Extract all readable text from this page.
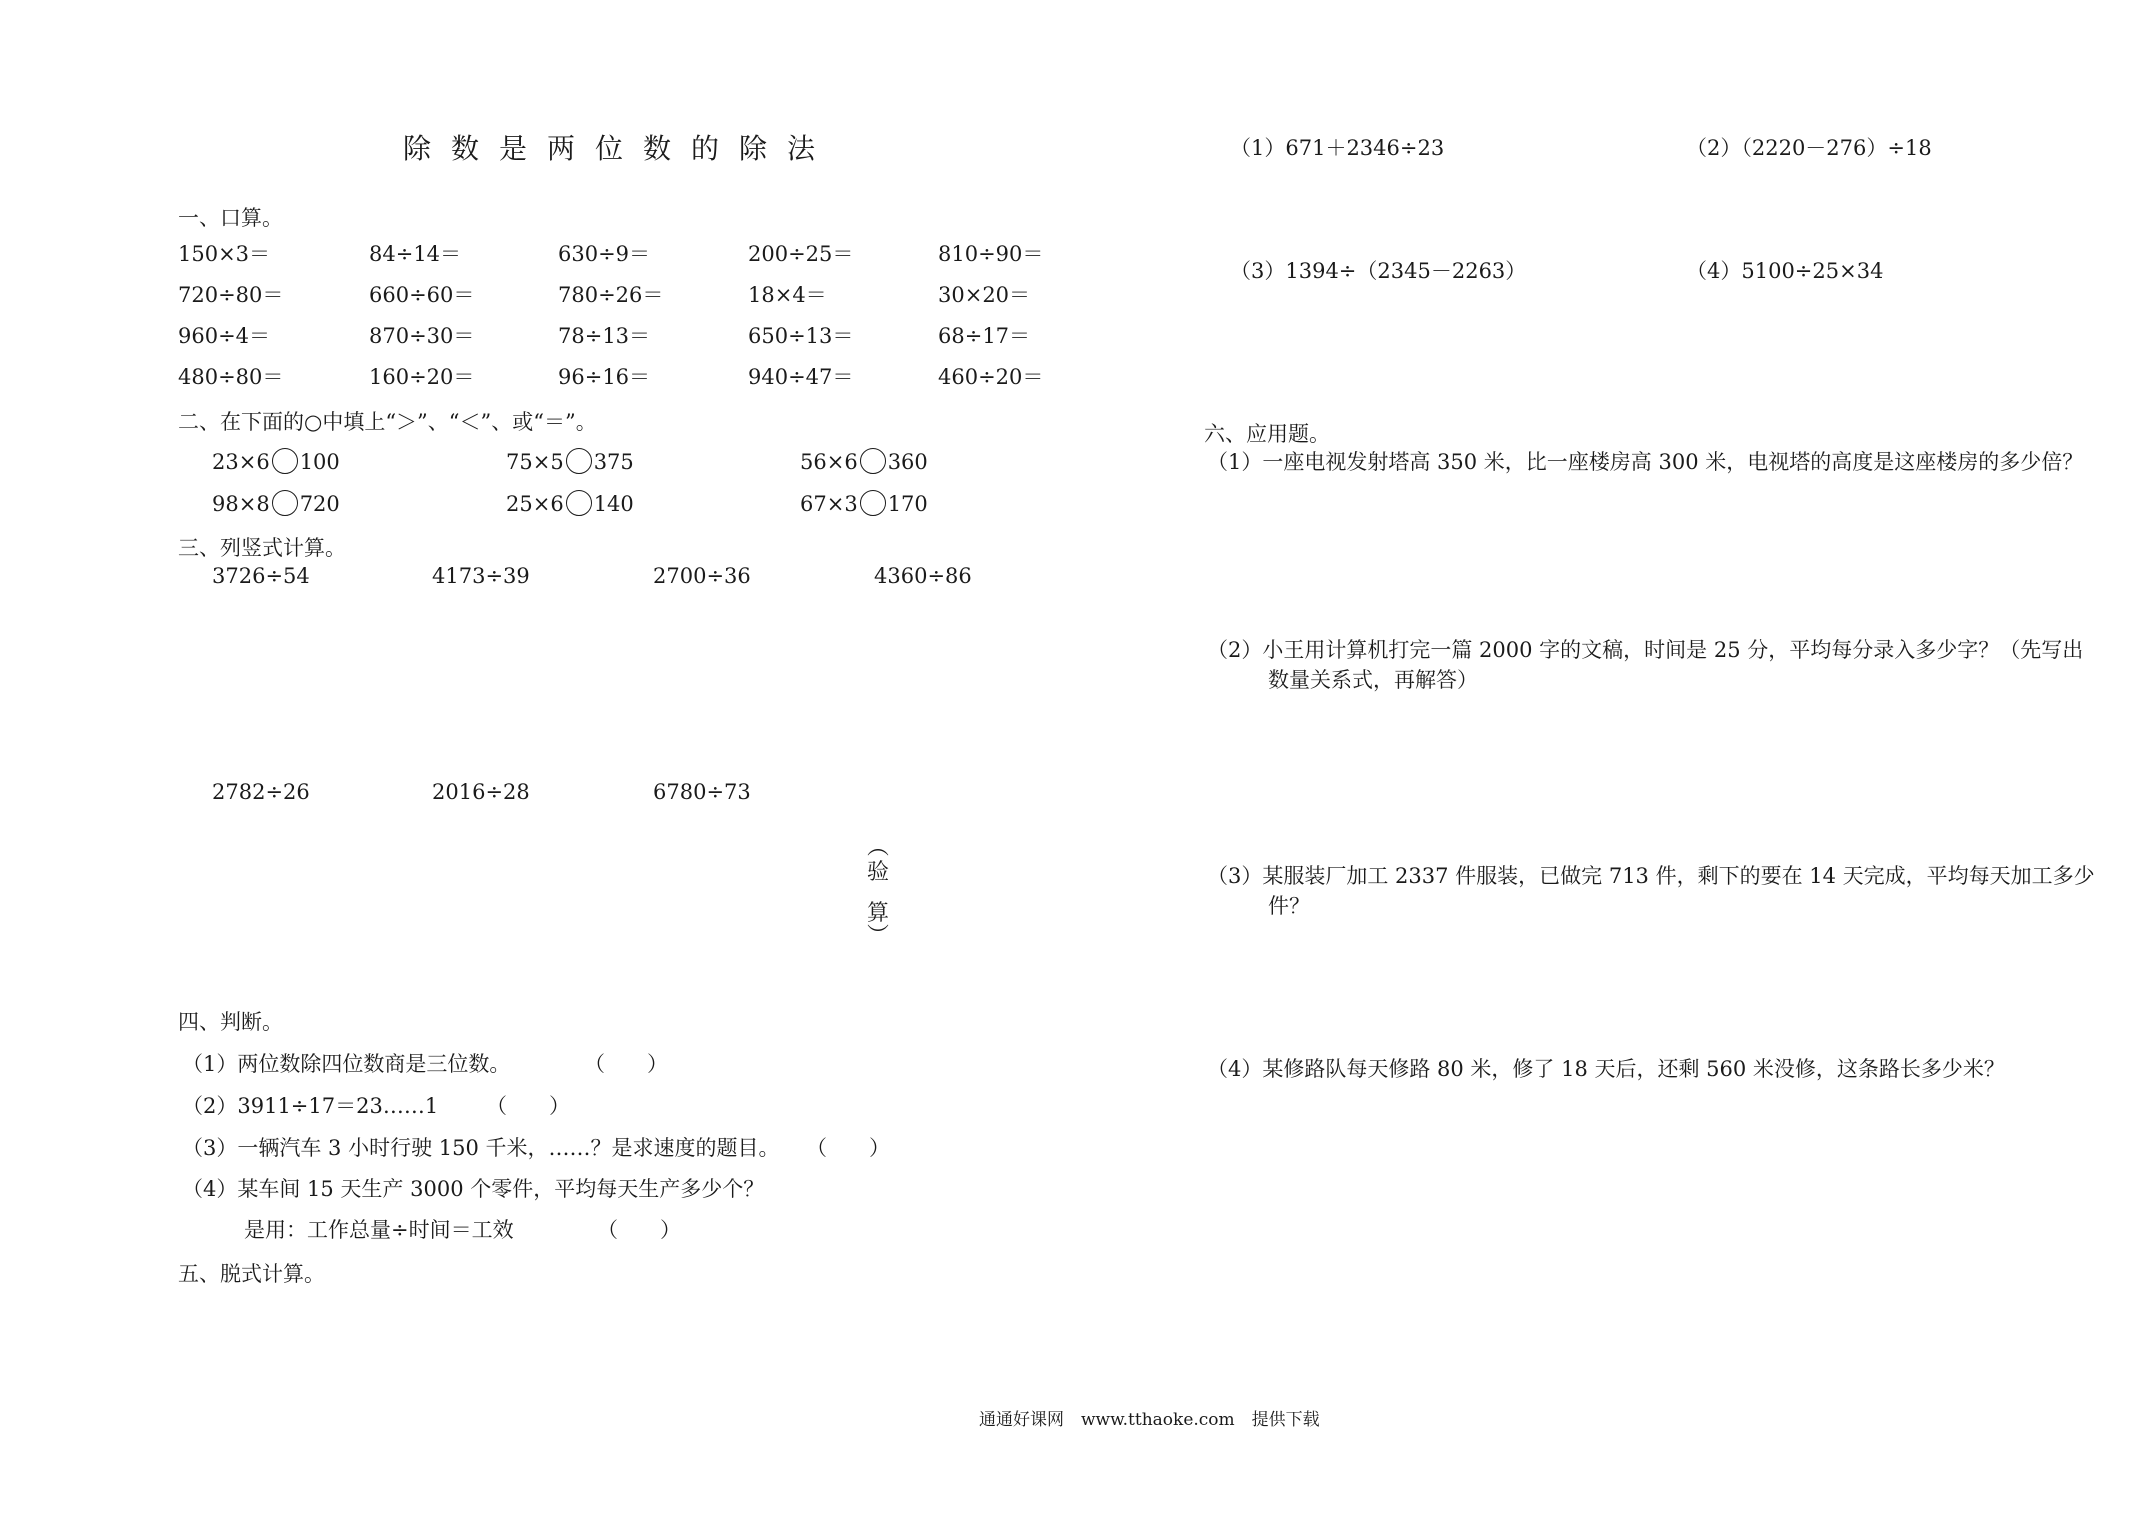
除数是两位数的除法
一、口算。
150×3＝	84÷14＝	630÷9＝	200÷25＝	810÷90＝
720÷80＝	660÷60＝	780÷26＝	18×4＝	30×20＝
960÷4＝	870÷30＝	78÷13＝	650÷13＝	68÷17＝
480÷80＝	160÷20＝	96÷16＝	940÷47＝	460÷20＝
二、在下面的○中填上“＞”、“＜”、或“＝”。
23×6 100	75×5 375	56×6 360
98×8 720	25×6 140	67×3 170
三、列竖式计算。
3726÷54	4173÷39	2700÷36	4360÷86
2782÷26	2016÷28	6780÷73
︵
验
算
︶
四、判断。
（1）两位数除四位数商是三位数。	（　　）
（2）3911÷17＝23……1 （　　）
（3）一辆汽车 3 小时行驶 150 千米，……？是求速度的题目。 （　　）
（4）某车间 15 天生产 3000 个零件，平均每天生产多少个？
是用：工作总量÷时间＝工效	（　　）
五、脱式计算。
（1）671＋2346÷23	（2）（2220－276）÷18
（3）1394÷（2345－2263）	（4）5100÷25×34
六、应用题。
（1）一座电视发射塔高 350 米，比一座楼房高 300 米，电视塔的高度是这座楼房的多少倍？
（2）小王用计算机打完一篇 2000 字的文稿，时间是 25 分，平均每分录入多少字？（先写出
数量关系式，再解答）
（3）某服装厂加工 2337 件服装，已做完 713 件，剩下的要在 14 天完成，平均每天加工多少
件？
（4）某修路队每天修路 80 米，修了 18 天后，还剩 560 米没修，这条路长多少米？
通通好课网　www.tthaoke.com　提供下载
